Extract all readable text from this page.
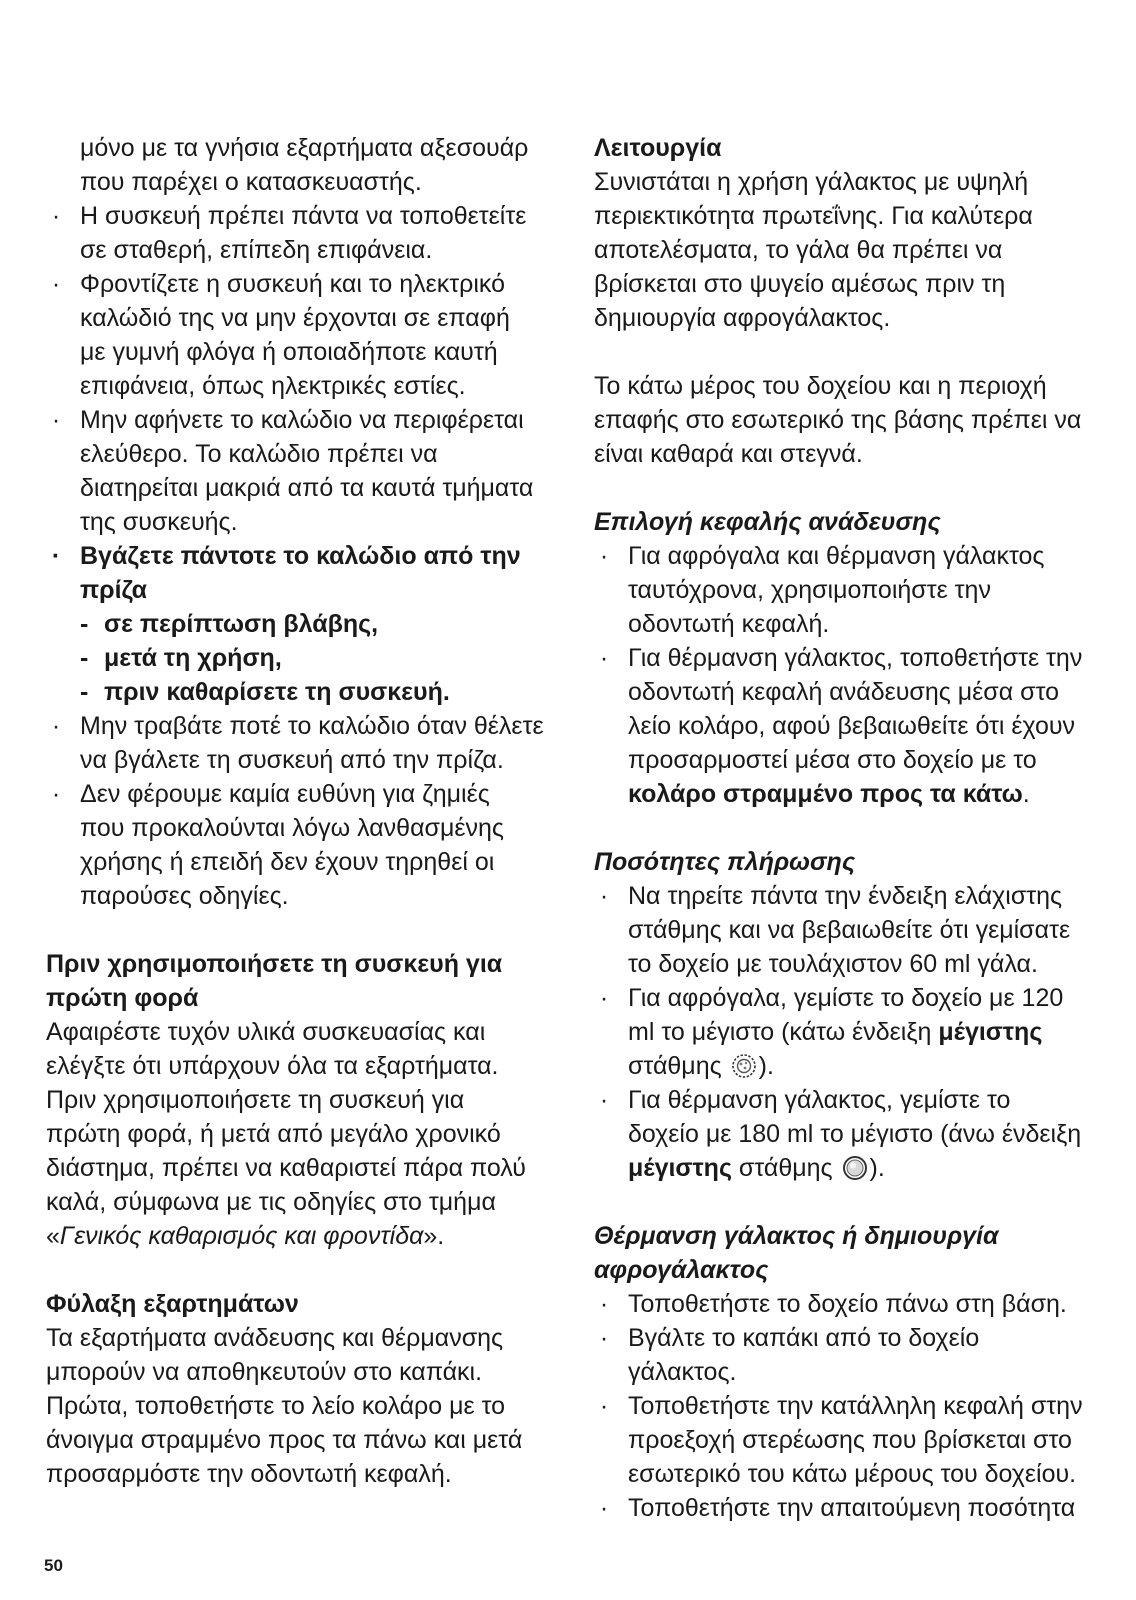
μόνο με τα γνήσια εξαρτήματα αξεσουάρ
που παρέχει ο κατασκευαστής.
· Η συσκευή πρέπει πάντα να τοποθετείτε
σε σταθερή, επίπεδη επιφάνεια.
· Φροντίζετε η συσκευή και το ηλεκτρικό
καλώδιό της να μην έρχονται σε επαφή
με γυμνή φλόγα ή οποιαδήποτε καυτή
επιφάνεια, όπως ηλεκτρικές εστίες.
· Μην αφήνετε το καλώδιο να περιφέρεται
ελεύθερο. Το καλώδιο πρέπει να
διατηρείται μακριά από τα καυτά τμήματα
της συσκευής.
· Βγάζετε πάντοτε το καλώδιο από την
πρίζα
- σε περίπτωση βλάβης,
- μετά τη χρήση,
- πριν καθαρίσετε τη συσκευή.
· Μην τραβάτε ποτέ το καλώδιο όταν θέλετε
να βγάλετε τη συσκευή από την πρίζα.
· Δεν φέρουμε καμία ευθύνη για ζημιές
που προκαλούνται λόγω λανθασμένης
χρήσης ή επειδή δεν έχουν τηρηθεί οι
παρούσες οδηγίες.
Πριν χρησιμοποιήσετε τη συσκευή για
πρώτη φορά
Αφαιρέστε τυχόν υλικά συσκευασίας και
ελέγξτε ότι υπάρχουν όλα τα εξαρτήματα.
Πριν χρησιμοποιήσετε τη συσκευή για
πρώτη φορά, ή μετά από μεγάλο χρονικό
διάστημα, πρέπει να καθαριστεί πάρα πολύ
καλά, σύμφωνα με τις οδηγίες στο τμήμα
«Γενικός καθαρισμός και φροντίδα».
Φύλαξη εξαρτημάτων
Τα εξαρτήματα ανάδευσης και θέρμανσης
μπορούν να αποθηκευτούν στο καπάκι.
Πρώτα, τοποθετήστε το λείο κολάρο με το
άνοιγμα στραμμένο προς τα πάνω και μετά
προσαρμόστε την οδοντωτή κεφαλή.
Λειτουργία
Συνιστάται η χρήση γάλακτος με υψηλή
περιεκτικότητα πρωτεΐνης. Για καλύτερα
αποτελέσματα, το γάλα θα πρέπει να
βρίσκεται στο ψυγείο αμέσως πριν τη
δημιουργία αφρογάλακτος.
Το κάτω μέρος του δοχείου και η περιοχή
επαφής στο εσωτερικό της βάσης πρέπει να
είναι καθαρά και στεγνά.
Επιλογή κεφαλής ανάδευσης
· Για αφρόγαλα και θέρμανση γάλακτος
ταυτόχρονα, χρησιμοποιήστε την
οδοντωτή κεφαλή.
· Για θέρμανση γάλακτος, τοποθετήστε την
οδοντωτή κεφαλή ανάδευσης μέσα στο
λείο κολάρο, αφού βεβαιωθείτε ότι έχουν
προσαρμοστεί μέσα στο δοχείο με το
κολάρο στραμμένο προς τα κάτω.
Ποσότητες πλήρωσης
· Να τηρείτε πάντα την ένδειξη ελάχιστης
στάθμης και να βεβαιωθείτε ότι γεμίσατε
το δοχείο με τουλάχιστον 60 ml γάλα.
· Για αφρόγαλα, γεμίστε το δοχείο με 120
ml το μέγιστο (κάτω ένδειξη μέγιστης
στάθμης ).
· Για θέρμανση γάλακτος, γεμίστε το
δοχείο με 180 ml το μέγιστο (άνω ένδειξη
μέγιστης στάθμης ).
Θέρμανση γάλακτος ή δημιουργία
αφρογάλακτος
· Τοποθετήστε το δοχείο πάνω στη βάση.
· Βγάλτε το καπάκι από το δοχείο
γάλακτος.
· Τοποθετήστε την κατάλληλη κεφαλή στην
προεξοχή στερέωσης που βρίσκεται στο
εσωτερικό του κάτω μέρους του δοχείου.
· Τοποθετήστε την απαιτούμενη ποσότητα
50
